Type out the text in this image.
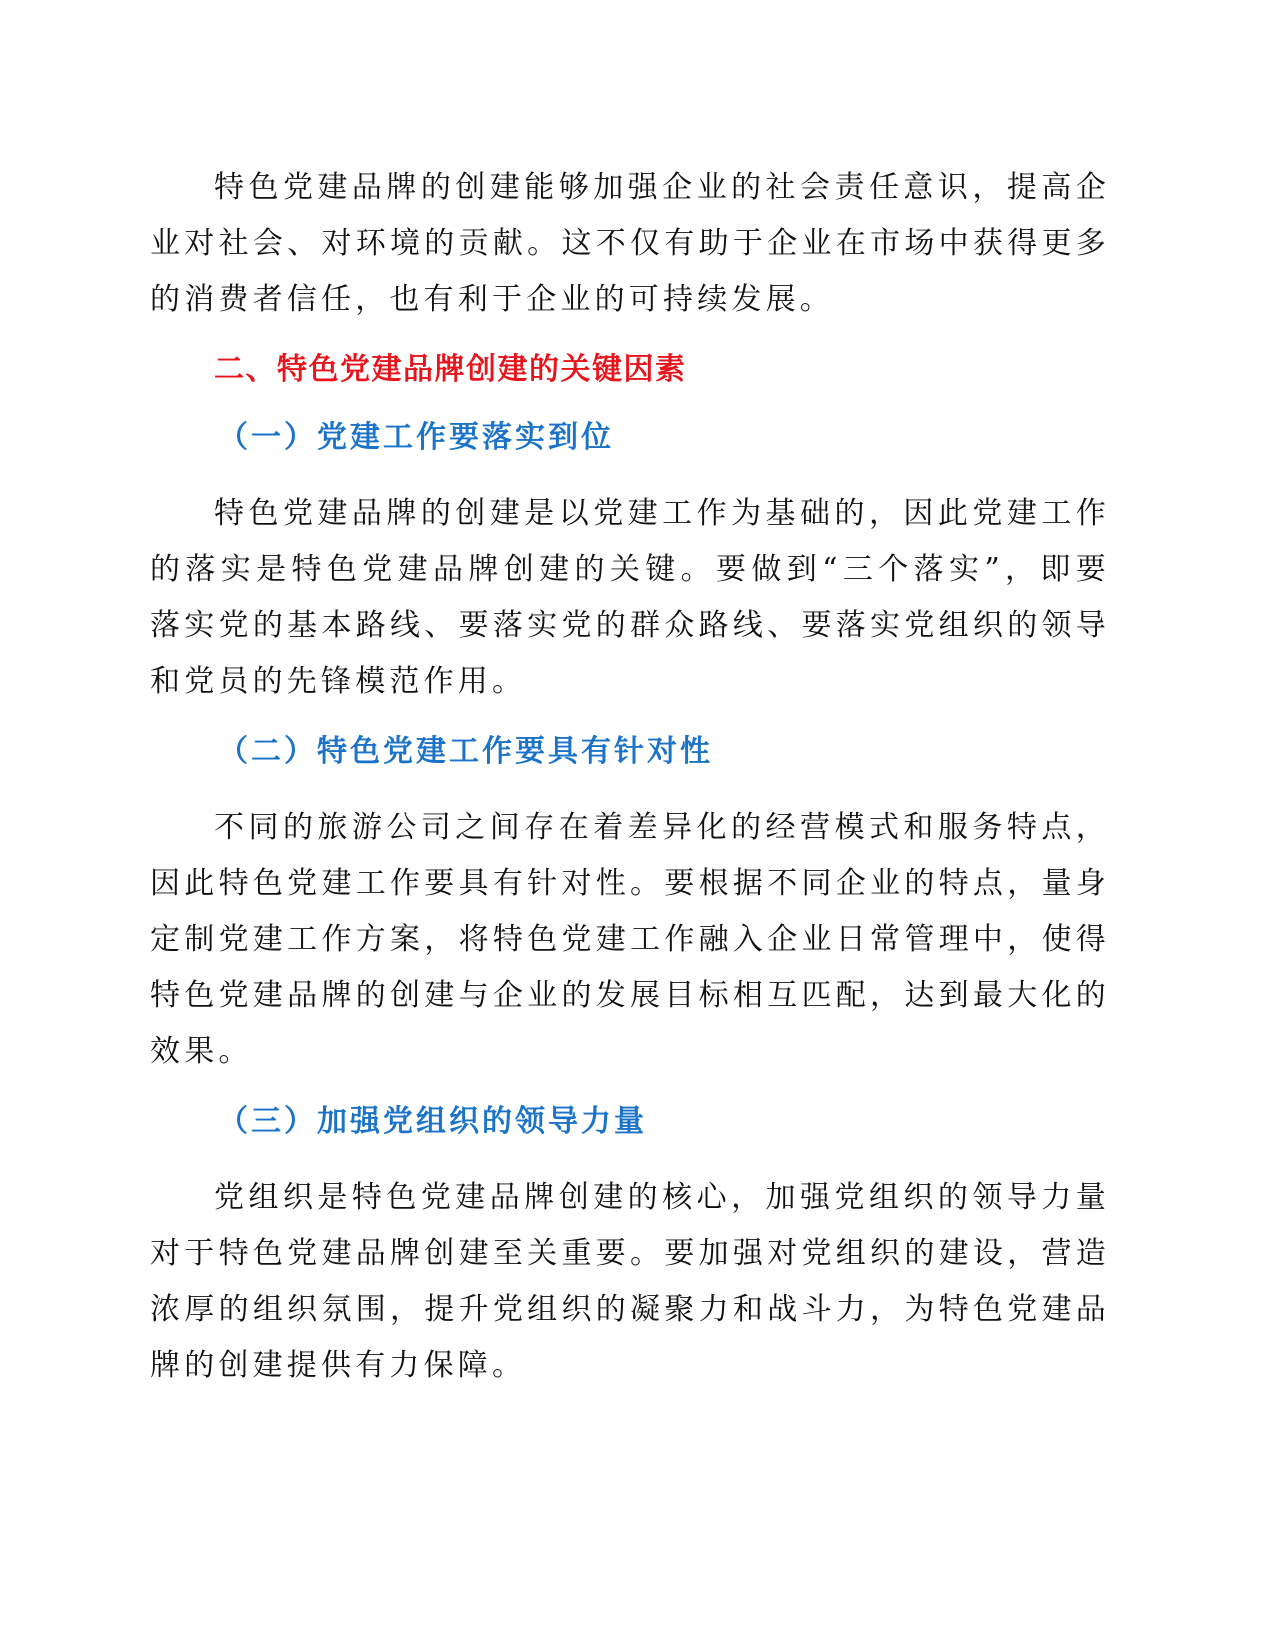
特色党建品牌的创建能够加强企业的社会责任意识，提高企业对社会、对环境的贡献。这不仅有助于企业在市场中获得更多的消费者信任，也有利于企业的可持续发展。

二、特色党建品牌创建的关键因素
（一）党建工作要落实到位

特色党建品牌的创建是以党建工作为基础的，因此党建工作的落实是特色党建品牌创建的关键。要做到“三个落实”，即要落实党的基本路线、要落实党的群众路线、要落实党组织的领导和党员的先锋模范作用。

（二）特色党建工作要具有针对性

不同的旅游公司之间存在着差异化的经营模式和服务特点，因此特色党建工作要具有针对性。要根据不同企业的特点，量身定制党建工作方案，将特色党建工作融入企业日常管理中，使得特色党建品牌的创建与企业的发展目标相互匹配，达到最大化的效果。

（三）加强党组织的领导力量

党组织是特色党建品牌创建的核心，加强党组织的领导力量对于特色党建品牌创建至关重要。要加强对党组织的建设，营造浓厚的组织氛围，提升党组织的凝聚力和战斗力，为特色党建品牌的创建提供有力保障。
